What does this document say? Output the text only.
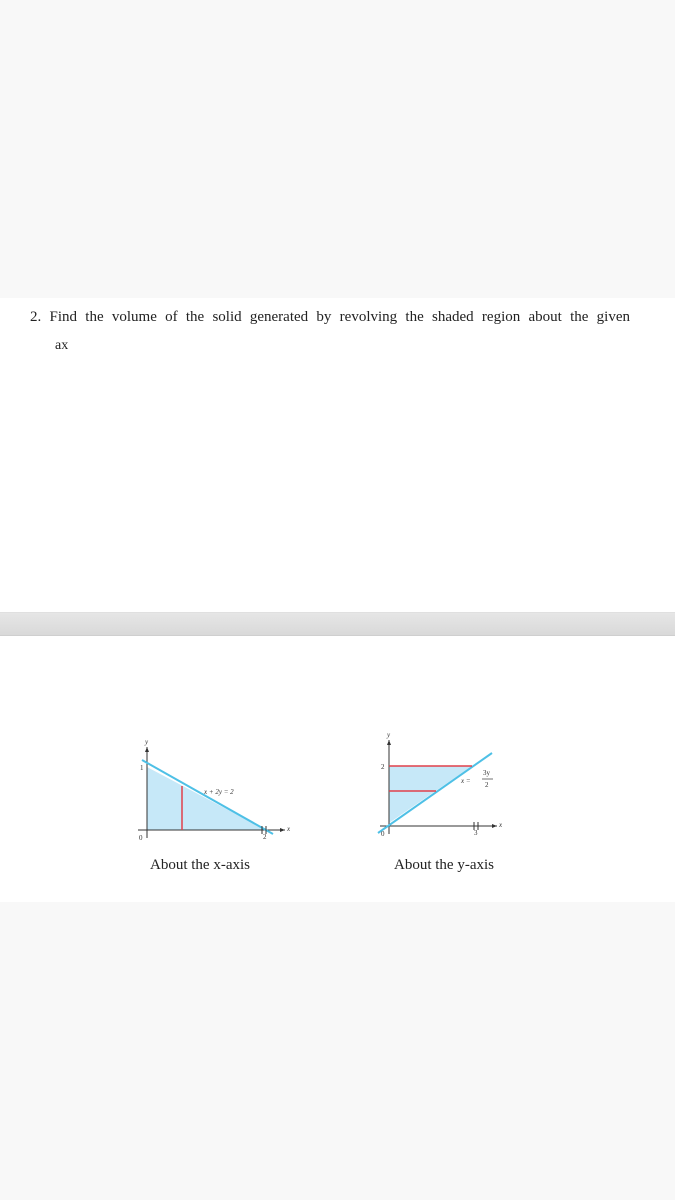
2. Find the volume of the solid generated by revolving the shaded region about the given
ax
y
x
1
2
0
x + 2y = 2
y
x
2
3
0
x =
3y
2
About the x-axis	About the y-axis
